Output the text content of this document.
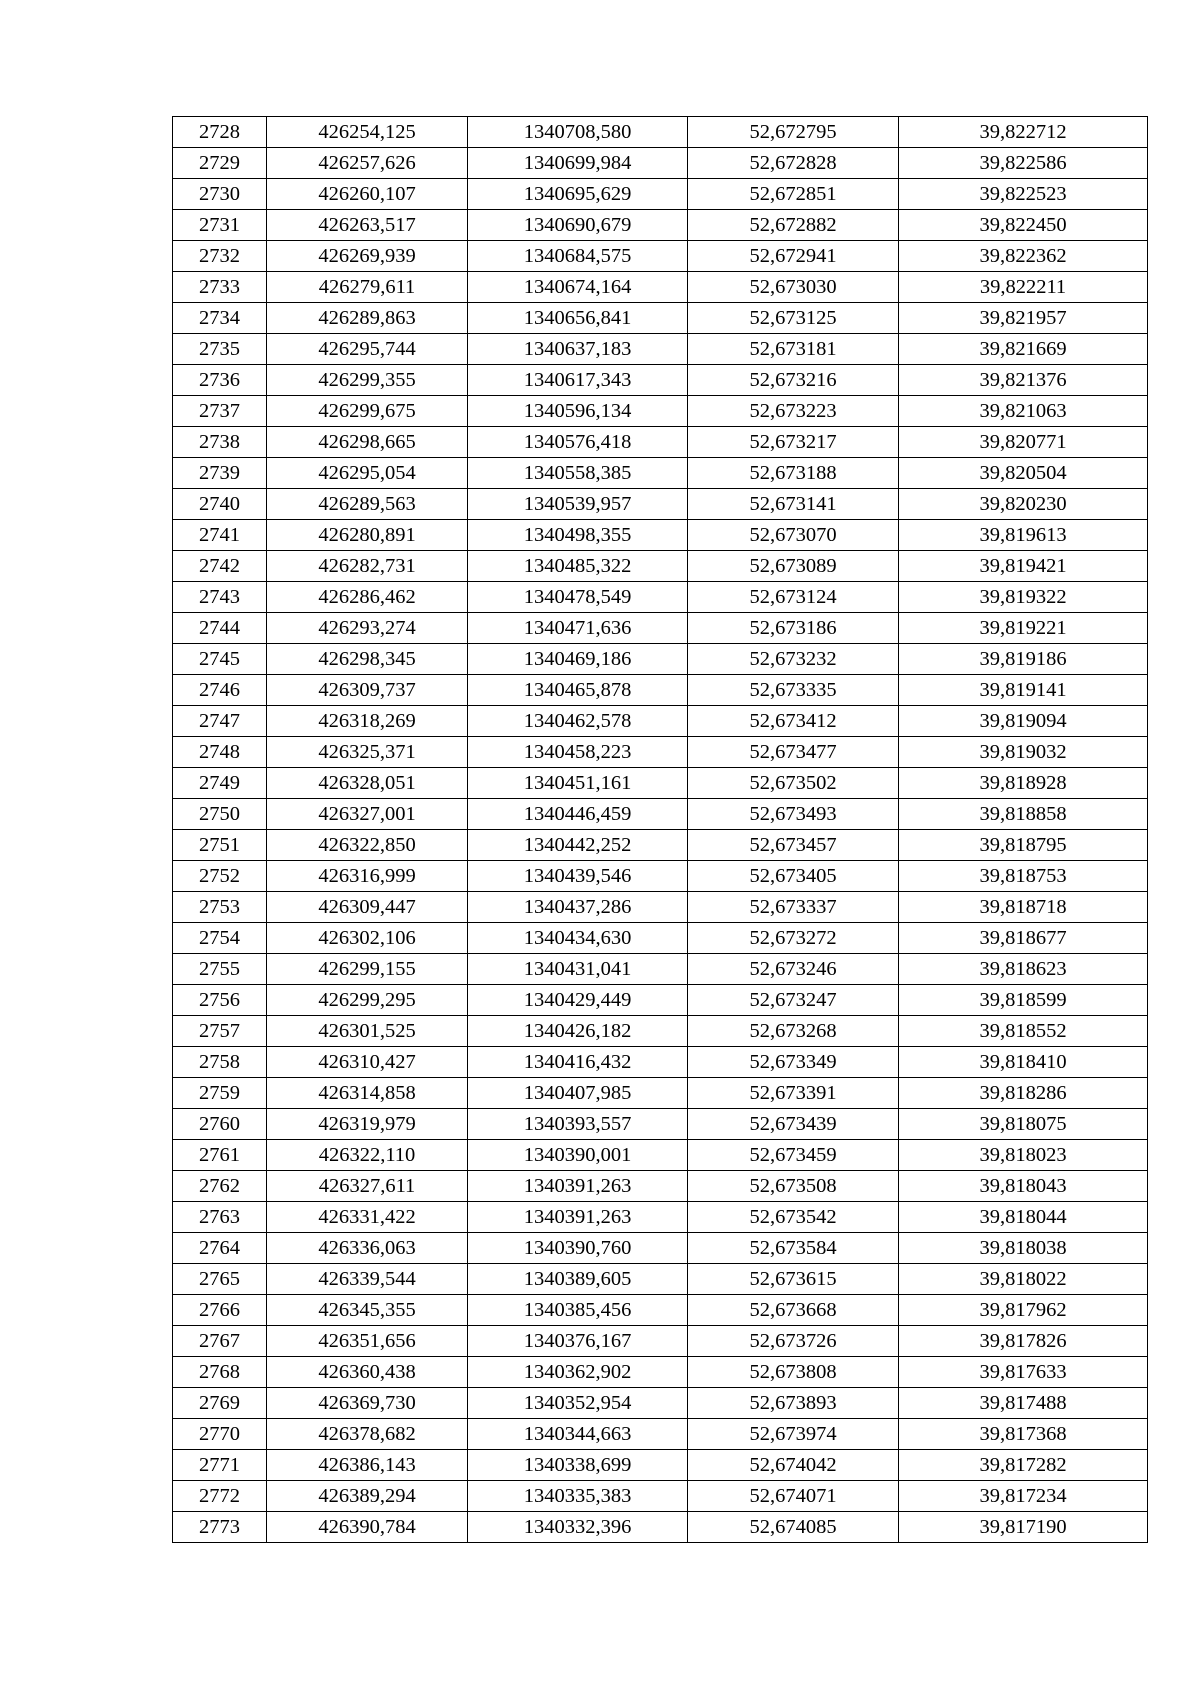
2728	426254,125	1340708,580	52,672795	39,822712
2729	426257,626	1340699,984	52,672828	39,822586
2730	426260,107	1340695,629	52,672851	39,822523
2731	426263,517	1340690,679	52,672882	39,822450
2732	426269,939	1340684,575	52,672941	39,822362
2733	426279,611	1340674,164	52,673030	39,822211
2734	426289,863	1340656,841	52,673125	39,821957
2735	426295,744	1340637,183	52,673181	39,821669
2736	426299,355	1340617,343	52,673216	39,821376
2737	426299,675	1340596,134	52,673223	39,821063
2738	426298,665	1340576,418	52,673217	39,820771
2739	426295,054	1340558,385	52,673188	39,820504
2740	426289,563	1340539,957	52,673141	39,820230
2741	426280,891	1340498,355	52,673070	39,819613
2742	426282,731	1340485,322	52,673089	39,819421
2743	426286,462	1340478,549	52,673124	39,819322
2744	426293,274	1340471,636	52,673186	39,819221
2745	426298,345	1340469,186	52,673232	39,819186
2746	426309,737	1340465,878	52,673335	39,819141
2747	426318,269	1340462,578	52,673412	39,819094
2748	426325,371	1340458,223	52,673477	39,819032
2749	426328,051	1340451,161	52,673502	39,818928
2750	426327,001	1340446,459	52,673493	39,818858
2751	426322,850	1340442,252	52,673457	39,818795
2752	426316,999	1340439,546	52,673405	39,818753
2753	426309,447	1340437,286	52,673337	39,818718
2754	426302,106	1340434,630	52,673272	39,818677
2755	426299,155	1340431,041	52,673246	39,818623
2756	426299,295	1340429,449	52,673247	39,818599
2757	426301,525	1340426,182	52,673268	39,818552
2758	426310,427	1340416,432	52,673349	39,818410
2759	426314,858	1340407,985	52,673391	39,818286
2760	426319,979	1340393,557	52,673439	39,818075
2761	426322,110	1340390,001	52,673459	39,818023
2762	426327,611	1340391,263	52,673508	39,818043
2763	426331,422	1340391,263	52,673542	39,818044
2764	426336,063	1340390,760	52,673584	39,818038
2765	426339,544	1340389,605	52,673615	39,818022
2766	426345,355	1340385,456	52,673668	39,817962
2767	426351,656	1340376,167	52,673726	39,817826
2768	426360,438	1340362,902	52,673808	39,817633
2769	426369,730	1340352,954	52,673893	39,817488
2770	426378,682	1340344,663	52,673974	39,817368
2771	426386,143	1340338,699	52,674042	39,817282
2772	426389,294	1340335,383	52,674071	39,817234
2773	426390,784	1340332,396	52,674085	39,817190
